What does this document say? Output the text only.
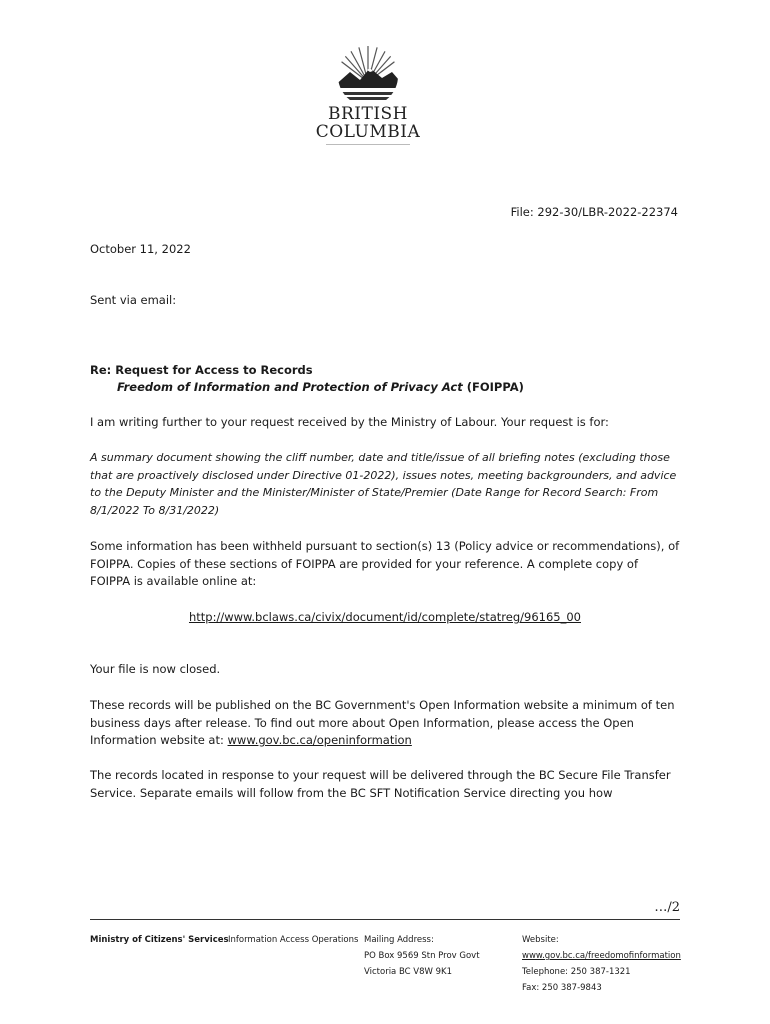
BRITISH
COLUMBIA
File: 292-30/LBR-2022-22374
October 11, 2022
Sent via email:
Re: Request for Access to Records
Freedom of Information and Protection of Privacy Act (FOIPPA)
I am writing further to your request received by the Ministry of Labour. Your request is for:
A summary document showing the cliff number, date and title/issue of all briefing notes (excluding those that are proactively disclosed under Directive 01-2022), issues notes, meeting backgrounders, and advice to the Deputy Minister and the Minister/Minister of State/Premier (Date Range for Record Search: From 8/1/2022 To 8/31/2022)
Some information has been withheld pursuant to section(s) 13 (Policy advice or recommendations), of FOIPPA. Copies of these sections of FOIPPA are provided for your reference. A complete copy of FOIPPA is available online at:
http://www.bclaws.ca/civix/document/id/complete/statreg/96165_00
Your file is now closed.
These records will be published on the BC Government's Open Information website a minimum of ten business days after release. To find out more about Open Information, please access the Open Information website at: www.gov.bc.ca/openinformation
The records located in response to your request will be delivered through the BC Secure File Transfer Service. Separate emails will follow from the BC SFT Notification Service directing you how
…/2
Ministry of Citizens' Services Information Access Operations Mailing Address:
PO Box 9569 Stn Prov Govt
Victoria BC V8W 9K1
Website:
www.gov.bc.ca/freedomofinformation
Telephone: 250 387-1321
Fax: 250 387-9843
